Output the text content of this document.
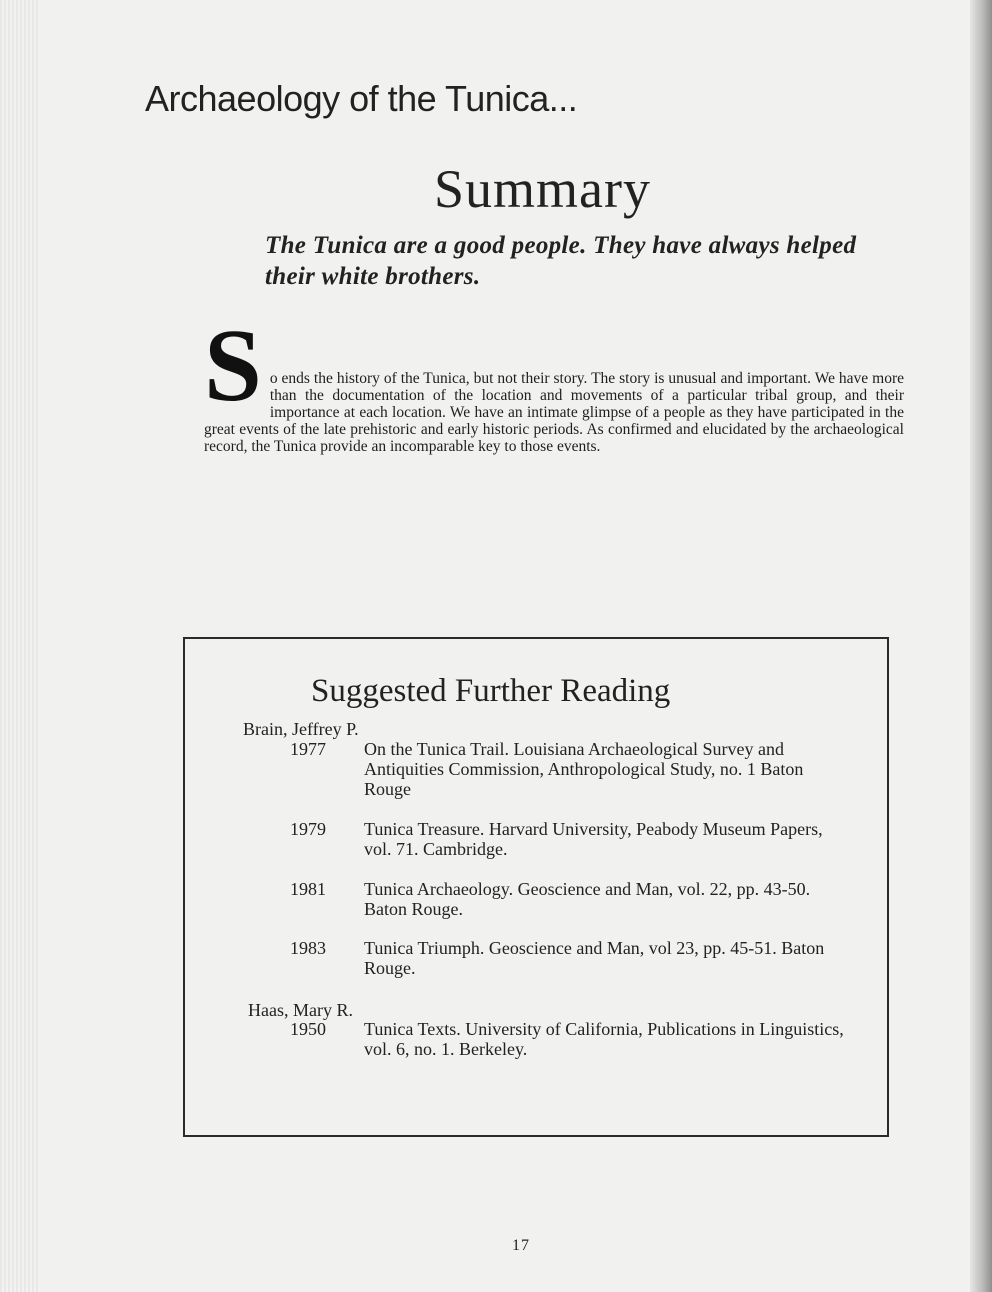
Archaeology of the Tunica...
Summary
The Tunica are a good people. They have always helped their white brothers.
S o ends the history of the Tunica, but not their story. The story is unusual and important. We have more than the documentation of the location and movements of a particular tribal group, and their importance at each location. We have an intimate glimpse of a people as they have participated in the great events of the late prehistoric and early historic periods. As confirmed and elucidated by the archaeological record, the Tunica provide an incomparable key to those events.
Suggested Further Reading
Brain, Jeffrey P.
1977 On the Tunica Trail. Louisiana Archaeological Survey and Antiquities Commission, Anthropological Study, no. 1 Baton Rouge
1979 Tunica Treasure. Harvard University, Peabody Museum Papers, vol. 71. Cambridge.
1981 Tunica Archaeology. Geoscience and Man, vol. 22, pp. 43-50. Baton Rouge.
1983 Tunica Triumph. Geoscience and Man, vol 23, pp. 45-51. Baton Rouge.
Haas, Mary R.
1950 Tunica Texts. University of California, Publications in Linguistics, vol. 6, no. 1. Berkeley.
17
